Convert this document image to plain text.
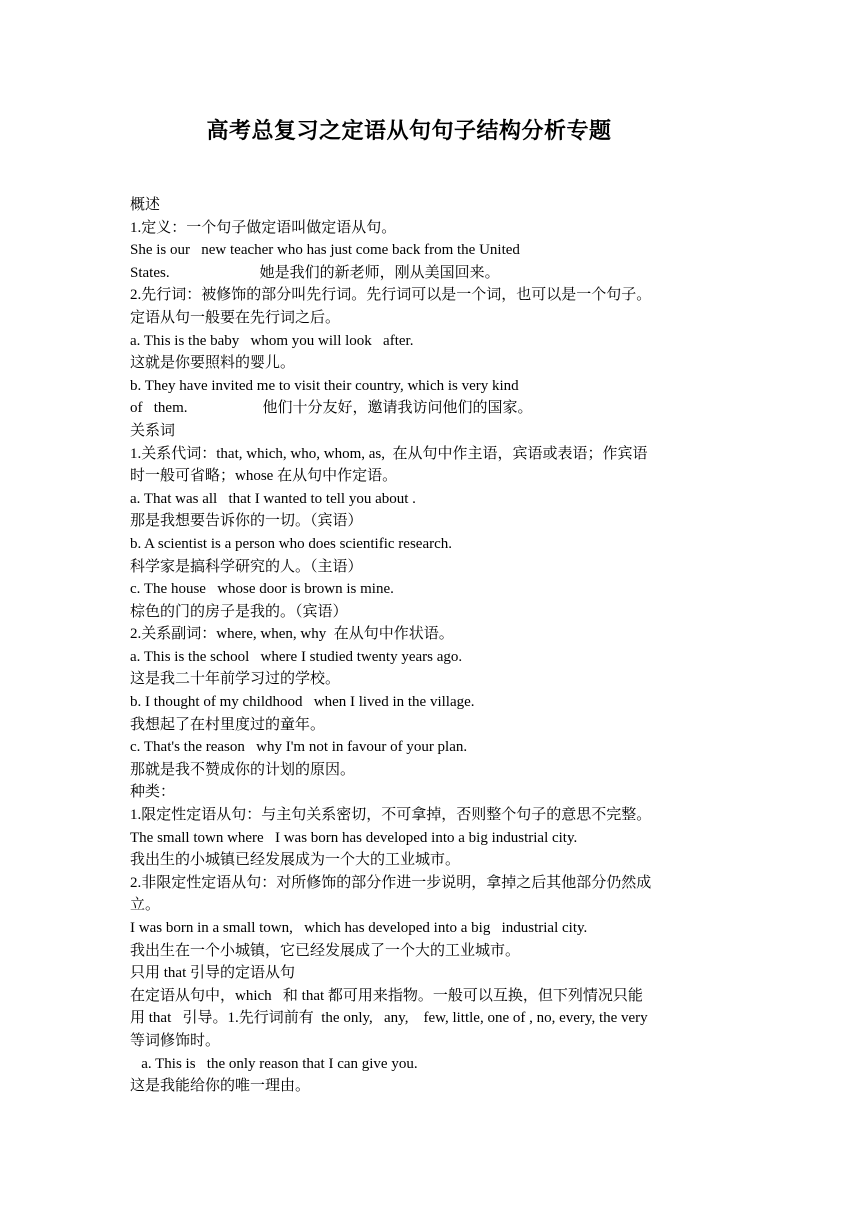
高考总复习之定语从句句子结构分析专题
概述
1.定义：一个句子做定语叫做定语从句。
She is our   new teacher who has just come back from the United
States.                        她是我们的新老师，刚从美国回来。
2.先行词：被修饰的部分叫先行词。先行词可以是一个词，也可以是一个句子。
定语从句一般要在先行词之后。
a. This is the baby   whom you will look   after.
这就是你要照料的婴儿。
b. They have invited me to visit their country, which is very kind
of   them.                    他们十分友好，邀请我访问他们的国家。
关系词
1.关系代词：that, which, who, whom, as,  在从句中作主语，宾语或表语；作宾语
时一般可省略；whose 在从句中作定语。
a. That was all   that I wanted to tell you about .
那是我想要告诉你的一切。（宾语）
b. A scientist is a person who does scientific research.
科学家是搞科学研究的人。（主语）
c. The house   whose door is brown is mine.
棕色的门的房子是我的。（宾语）
2.关系副词：where, when, why  在从句中作状语。
a. This is the school   where I studied twenty years ago.
这是我二十年前学习过的学校。
b. I thought of my childhood   when I lived in the village.
我想起了在村里度过的童年。
c. That's the reason   why I'm not in favour of your plan.
那就是我不赞成你的计划的原因。
种类：
1.限定性定语从句：与主句关系密切，不可拿掉，否则整个句子的意思不完整。
The small town where   I was born has developed into a big industrial city.
我出生的小城镇已经发展成为一个大的工业城市。
2.非限定性定语从句：对所修饰的部分作进一步说明，拿掉之后其他部分仍然成
立。
I was born in a small town,   which has developed into a big   industrial city.
我出生在一个小城镇，它已经发展成了一个大的工业城市。
只用 that 引导的定语从句
在定语从句中，which   和 that 都可用来指物。一般可以互换，但下列情况只能
用 that   引导。1.先行词前有  the only,   any,    few, little, one of , no, every, the very
等词修饰时。
a. This is   the only reason that I can give you.
这是我能给你的唯一理由。
